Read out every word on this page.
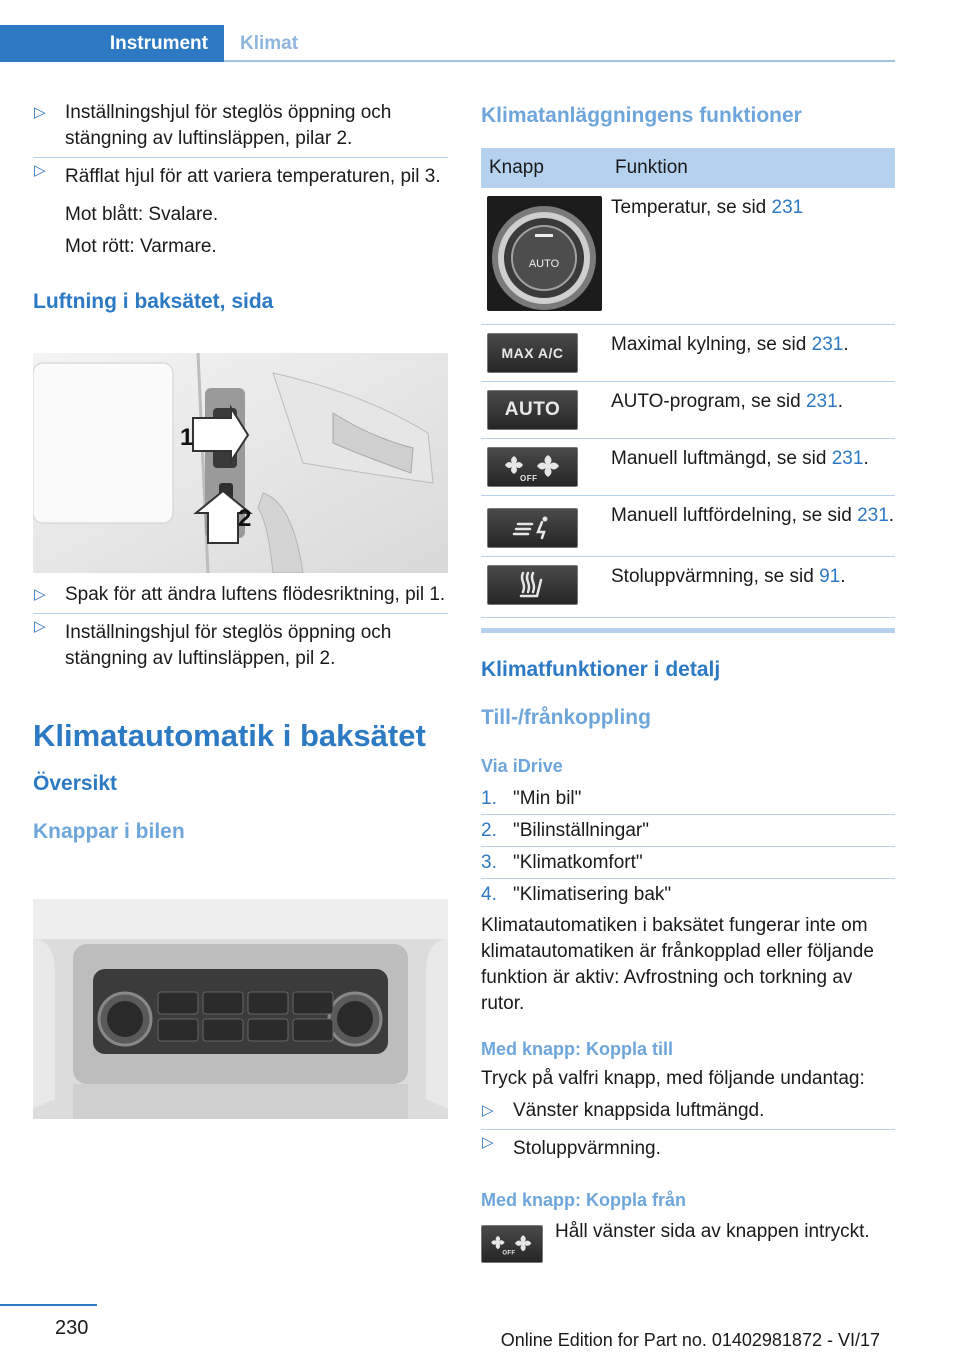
Instrument	Klimat
▷ Inställningshjul för steglös öppning och stängning av luftinsläppen, pilar 2.
▷ Räfflat hjul för att variera temperaturen, pil 3.
Mot blått: Svalare.
Mot rött: Varmare.
Luftning i baksätet, sida
1
2
▷ Spak för att ändra luftens flödesriktning, pil 1.
▷ Inställningshjul för steglös öppning och stängning av luftinsläppen, pil 2.
Klimatautomatik i baksätet
Översikt
Knappar i bilen
Klimatanläggningens funktioner
Knapp	Funktion

AUTO	Temperatur, se sid 231

MAX A/C	Maximal kylning, se sid 231.

AUTO	AUTO-program, se sid 231.

OFF	Manuell luftmängd, se sid 231.

	Manuell luftfördelning, se sid 231.

	Stoluppvärmning, se sid 91.
Klimatfunktioner i detalj
Till-/frånkoppling
Via iDrive
1. "Min bil"
2. "Bilinställningar"
3. "Klimatkomfort"
4. "Klimatisering bak"

Klimatautomatiken i baksätet fungerar inte om klimatautomatiken är frånkopplad eller följande funktion är aktiv: Avfrostning och torkning av rutor.

Med knapp: Koppla till

Tryck på valfri knapp, med följande undantag:

▷ Vänster knappsida luftmängd.
▷ Stoluppvärmning.
Med knapp: Koppla från
OFF

Håll vänster sida av knappen intryckt.

230
Online Edition for Part no. 01402981872 - VI/17
